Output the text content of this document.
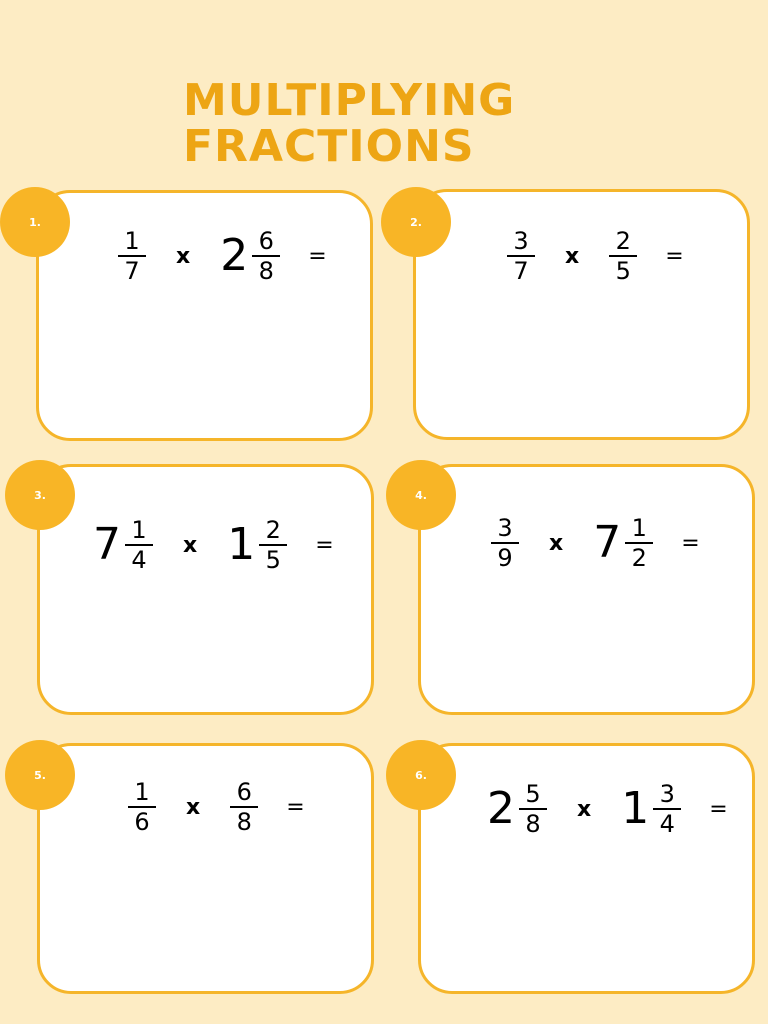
MULTIPLYING
FRACTIONS
1.
$\frac{1}{7}$ x $2 \frac{6}{8}$ =
2.
$\frac{3}{7}$ x $\frac{2}{5}$ =
3.
$7 \frac{1}{4}$ x $1 \frac{2}{5}$ =
4.
$\frac{3}{9}$ x $7 \frac{1}{2}$ =
5.
$\frac{1}{6}$ x $\frac{6}{8}$ =
6.
$2 \frac{5}{8}$ x $1 \frac{3}{4}$ =
